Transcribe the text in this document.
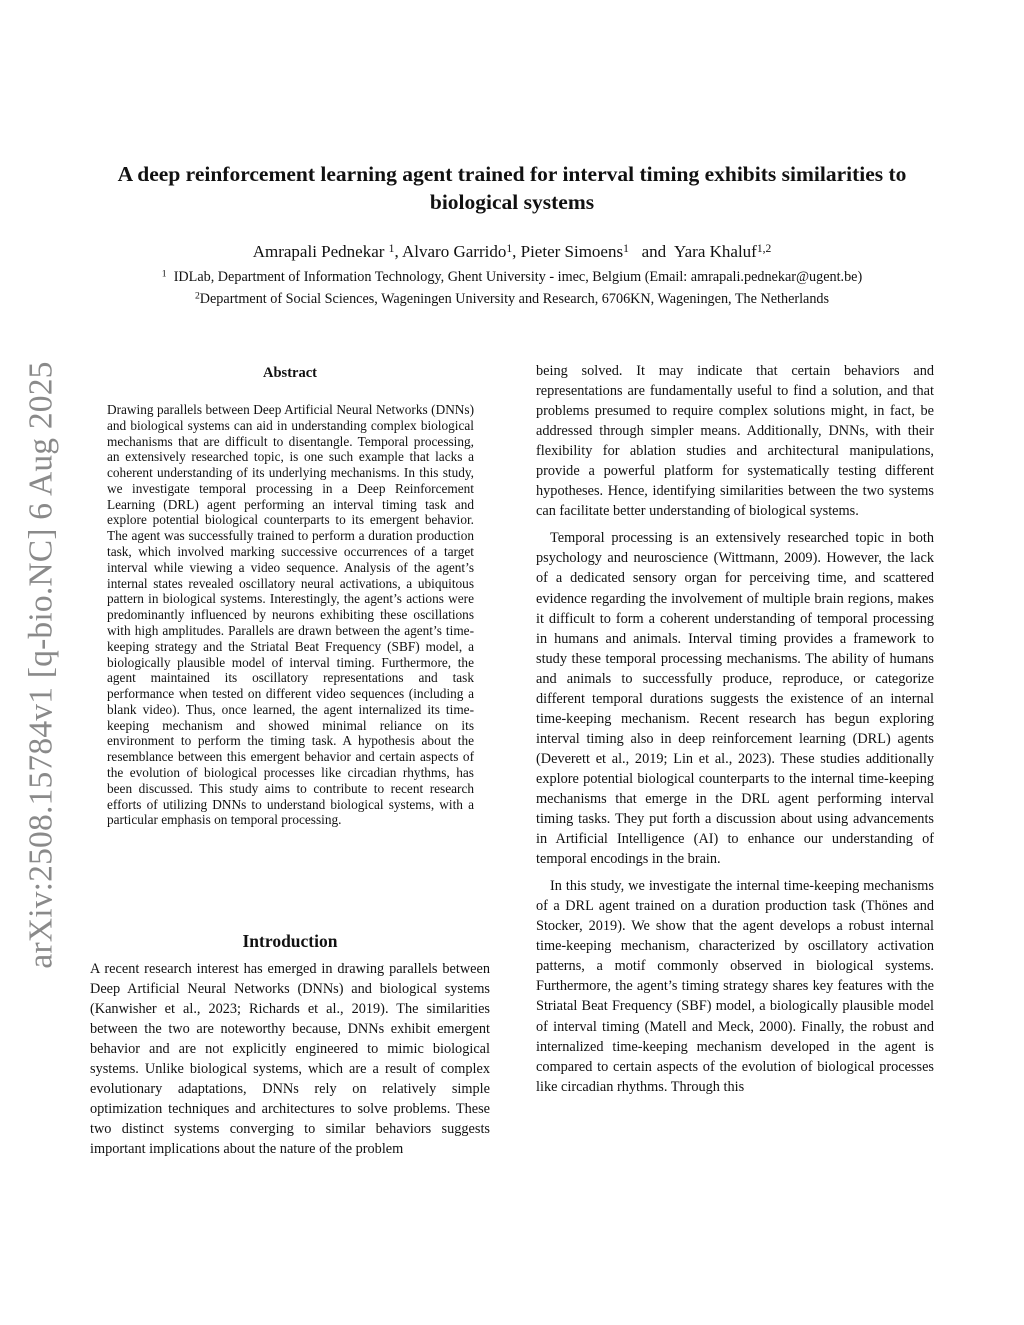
arXiv:2508.15784v1 [q-bio.NC] 6 Aug 2025
A deep reinforcement learning agent trained for interval timing exhibits similarities to biological systems

Amrapali Pednekar $^1$, Alvaro Garrido$^1$, Pieter Simoens$^1$ and Yara Khaluf$^{1,2}$

$^1$ IDLab, Department of Information Technology, Ghent University - imec, Belgium (Email: amrapali.pednekar@ugent.be)

$^2$Department of Social Sciences, Wageningen University and Research, 6706KN, Wageningen, The Netherlands

Abstract

Drawing parallels between Deep Artificial Neural Networks (DNNs) and biological systems can aid in understanding complex biological mechanisms that are difficult to disentangle. Temporal processing, an extensively researched topic, is one such example that lacks a coherent understanding of its underlying mechanisms. In this study, we investigate temporal processing in a Deep Reinforcement Learning (DRL) agent performing an interval timing task and explore potential biological counterparts to its emergent behavior. The agent was successfully trained to perform a duration production task, which involved marking successive occurrences of a target interval while viewing a video sequence. Analysis of the agent’s internal states revealed oscillatory neural activations, a ubiquitous pattern in biological systems. Interestingly, the agent’s actions were predominantly influenced by neurons exhibiting these oscillations with high amplitudes. Parallels are drawn between the agent’s time-keeping strategy and the Striatal Beat Frequency (SBF) model, a biologically plausible model of interval timing. Furthermore, the agent maintained its oscillatory representations and task performance when tested on different video sequences (including a blank video). Thus, once learned, the agent internalized its time-keeping mechanism and showed minimal reliance on its environment to perform the timing task. A hypothesis about the resemblance between this emergent behavior and certain aspects of the evolution of biological processes like circadian rhythms, has been discussed. This study aims to contribute to recent research efforts of utilizing DNNs to understand biological systems, with a particular emphasis on temporal processing.

Introduction

A recent research interest has emerged in drawing parallels between Deep Artificial Neural Networks (DNNs) and biological systems (Kanwisher et al., 2023; Richards et al., 2019). The similarities between the two are noteworthy because, DNNs exhibit emergent behavior and are not explicitly engineered to mimic biological systems. Unlike biological systems, which are a result of complex evolutionary adaptations, DNNs rely on relatively simple optimization techniques and architectures to solve problems. These two distinct systems converging to similar behaviors suggests important implications about the nature of the problem

being solved. It may indicate that certain behaviors and representations are fundamentally useful to find a solution, and that problems presumed to require complex solutions might, in fact, be addressed through simpler means. Additionally, DNNs, with their flexibility for ablation studies and architectural manipulations, provide a powerful platform for systematically testing different hypotheses. Hence, identifying similarities between the two systems can facilitate better understanding of biological systems.

Temporal processing is an extensively researched topic in both psychology and neuroscience (Wittmann, 2009). However, the lack of a dedicated sensory organ for perceiving time, and scattered evidence regarding the involvement of multiple brain regions, makes it difficult to form a coherent understanding of temporal processing in humans and animals. Interval timing provides a framework to study these temporal processing mechanisms. The ability of humans and animals to successfully produce, reproduce, or categorize different temporal durations suggests the existence of an internal time-keeping mechanism. Recent research has begun exploring interval timing also in deep reinforcement learning (DRL) agents (Deverett et al., 2019; Lin et al., 2023). These studies additionally explore potential biological counterparts to the internal time-keeping mechanisms that emerge in the DRL agent performing interval timing tasks. They put forth a discussion about using advancements in Artificial Intelligence (AI) to enhance our understanding of temporal encodings in the brain.

In this study, we investigate the internal time-keeping mechanisms of a DRL agent trained on a duration production task (Thönes and Stocker, 2019). We show that the agent develops a robust internal time-keeping mechanism, characterized by oscillatory activation patterns, a motif commonly observed in biological systems. Furthermore, the agent’s timing strategy shares key features with the Striatal Beat Frequency (SBF) model, a biologically plausible model of interval timing (Matell and Meck, 2000). Finally, the robust and internalized time-keeping mechanism developed in the agent is compared to certain aspects of the evolution of biological processes like circadian rhythms. Through this
